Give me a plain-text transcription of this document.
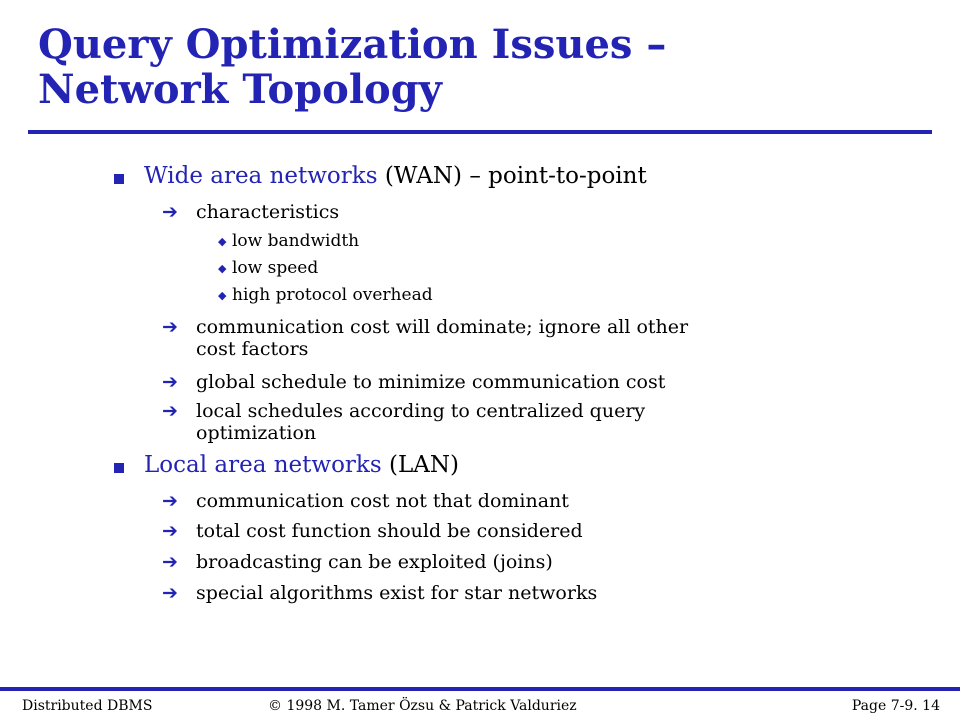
Query Optimization Issues –
Network Topology
Wide area networks (WAN) – point-to-point
➔ characteristics
◆ low bandwidth
◆ low speed
◆ high protocol overhead
➔ communication cost will dominate; ignore all other
cost factors
➔ global schedule to minimize communication cost
➔ local schedules according to centralized query
optimization
Local area networks (LAN)
➔ communication cost not that dominant
➔ total cost function should be considered
➔ broadcasting can be exploited (joins)
➔ special algorithms exist for star networks
Distributed DBMS	© 1998 M. Tamer Özsu & Patrick Valduriez	Page 7-9. 14
